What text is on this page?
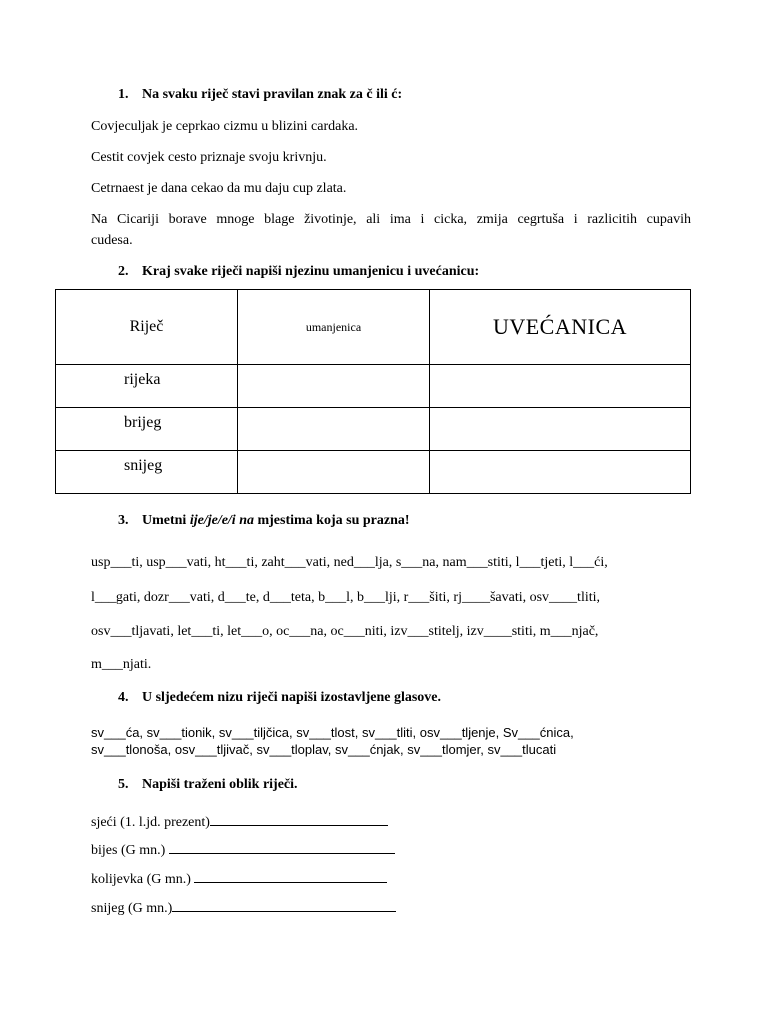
1. Na svaku riječ stavi pravilan znak za č ili ć:

Covjeculjak je ceprkao cizmu u blizini cardaka.

Cestit covjek cesto priznaje svoju krivnju.

Cetrnaest je dana cekao da mu daju cup zlata.

Na Cicariji borave mnoge blage životinje, ali ima i cicka, zmija cegrtuša i razlicitih cupavih
cudesa.

2. Kraj svake riječi napiši njezinu umanjenicu i uvećanicu:

Riječ	umanjenica	UVEĆANICA
rijeka		
brijeg		
snijeg		

3. Umetni ije/je/e/i na mjestima koja su prazna!

usp___ti, usp___vati, ht___ti, zaht___vati, ned___lja, s___na, nam___stiti, l___tjeti, l___ći,

l___gati, dozr___vati, d___te, d___teta, b___l, b___lji, r___šiti, rj____šavati, osv____tliti,

osv___tljavati, let___ti, let___o, oc___na, oc___niti, izv___stitelj, izv____stiti, m___njač,

m___njati.

4. U sljedećem nizu riječi napiši izostavljene glasove.

sv___ća, sv___tionik, sv___tiljčica, sv___tlost, sv___tliti, osv___tljenje, Sv___ćnica,

sv___tlonoša, osv___tljivač, sv___tloplav, sv___ćnjak, sv___tlomjer, sv___tlucati

5. Napiši traženi oblik riječi.

sjeći (1. l.jd. prezent)

bijes (G mn.)

kolijevka (G mn.)

snijeg (G mn.)
